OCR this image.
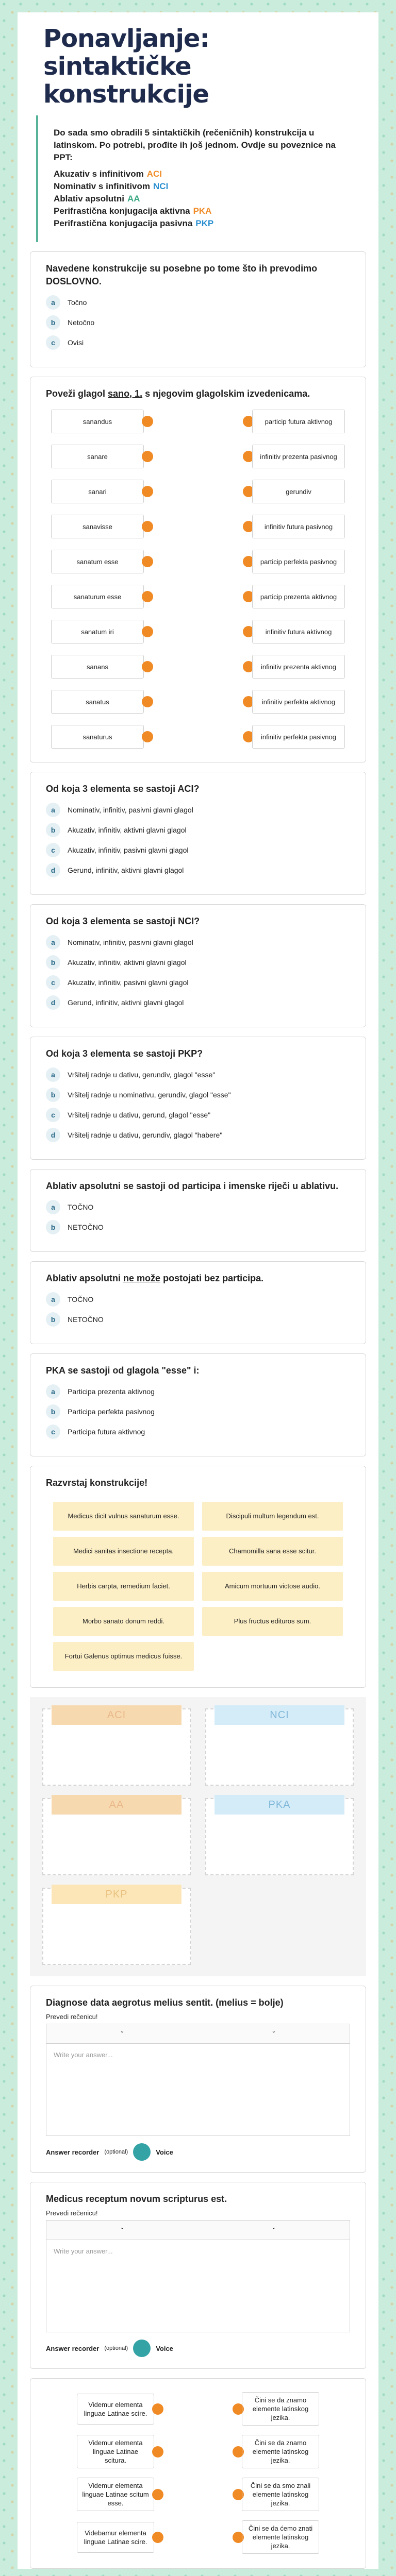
Ponavljanje: sintaktičke konstrukcije

Do sada smo obradili 5 sintaktičkih (rečeničnih) konstrukcija u latinskom. Po potrebi, prođite ih još jednom. Ovdje su poveznice na PPT:

Akuzativ s infinitivom ACI
Nominativ s infinitivom NCI
Ablativ apsolutni AA
Perifrastična konjugacija aktivna PKA
Perifrastična konjugacija pasivna PKP
Navedene konstrukcije su posebne po tome što ih prevodimo DOSLOVNO.
a	Točno
b	Netočno
c	Ovisi
Poveži glagol sano, 1. s njegovim glagolskim izvedenicama.
sanandus	particip futura aktivnog
sanare	infinitiv prezenta pasivnog
sanari	gerundiv
sanavisse	infinitiv futura pasivnog
sanatum esse	particip perfekta pasivnog
sanaturum esse	particip prezenta aktivnog
sanatum iri	infinitiv futura aktivnog
sanans	infinitiv prezenta aktivnog
sanatus	infinitiv perfekta aktivnog
sanaturus	infinitiv perfekta pasivnog
Od koja 3 elementa se sastoji ACI?
a	Nominativ, infinitiv, pasivni glavni glagol
b	Akuzativ, infinitiv, aktivni glavni glagol
c	Akuzativ, infinitiv, pasivni glavni glagol
d	Gerund, infinitiv, aktivni glavni glagol
Od koja 3 elementa se sastoji NCI?
a	Nominativ, infinitiv, pasivni glavni glagol
b	Akuzativ, infinitiv, aktivni glavni glagol
c	Akuzativ, infinitiv, pasivni glavni glagol
d	Gerund, infinitiv, aktivni glavni glagol
Od koja 3 elementa se sastoji PKP?
a	Vršitelj radnje u dativu, gerundiv, glagol "esse"
b	Vršitelj radnje u nominativu, gerundiv, glagol "esse"
c	Vršitelj radnje u dativu, gerund, glagol "esse"
d	Vršitelj radnje u dativu, gerundiv, glagol "habere"
Ablativ apsolutni se sastoji od participa i imenske riječi u ablativu.
a	TOČNO
b	NETOČNO
Ablativ apsolutni ne može postojati bez participa.
a	TOČNO
b	NETOČNO
PKA se sastoji od glagola "esse" i:
a	Participa prezenta aktivnog
b	Participa perfekta pasivnog
c	Participa futura aktivnog
Razvrstaj konstrukcije!
Medicus dicit vulnus sanaturum esse.	Discipuli multum legendum est.
Medici sanitas insectione recepta.	Chamomilla sana esse scitur.
Herbis carpta, remedium faciet.	Amicum mortuum victose audio.
Morbo sanato donum reddi.	Plus fructus edituros sum.
Fortui Galenus optimus medicus fuisse.
ACI	NCI
AA	PKA
PKP
Diagnose data aegrotus melius sentit. (melius = bolje)
Prevedi rečenicu!
ˇ	ˇ
Write your answer...
Answer recorder (optional)	Voice
Medicus receptum novum scripturus est.
Prevedi rečenicu!
ˇ	ˇ
Write your answer...
Answer recorder (optional)	Voice
Videmur elementa linguae Latinae scire.
Čini se da znamo elemente latinskog jezika.
Videmur elementa linguae Latinae scitura.
Čini se da znamo elemente latinskog jezika.
Videmur elementa linguae Latinae scitum esse.
Čini se da smo znali elemente latinskog jezika.
Videbamur elementa linguae Latinae scire.
Čini se da ćemo znati elemente latinskog jezika.
